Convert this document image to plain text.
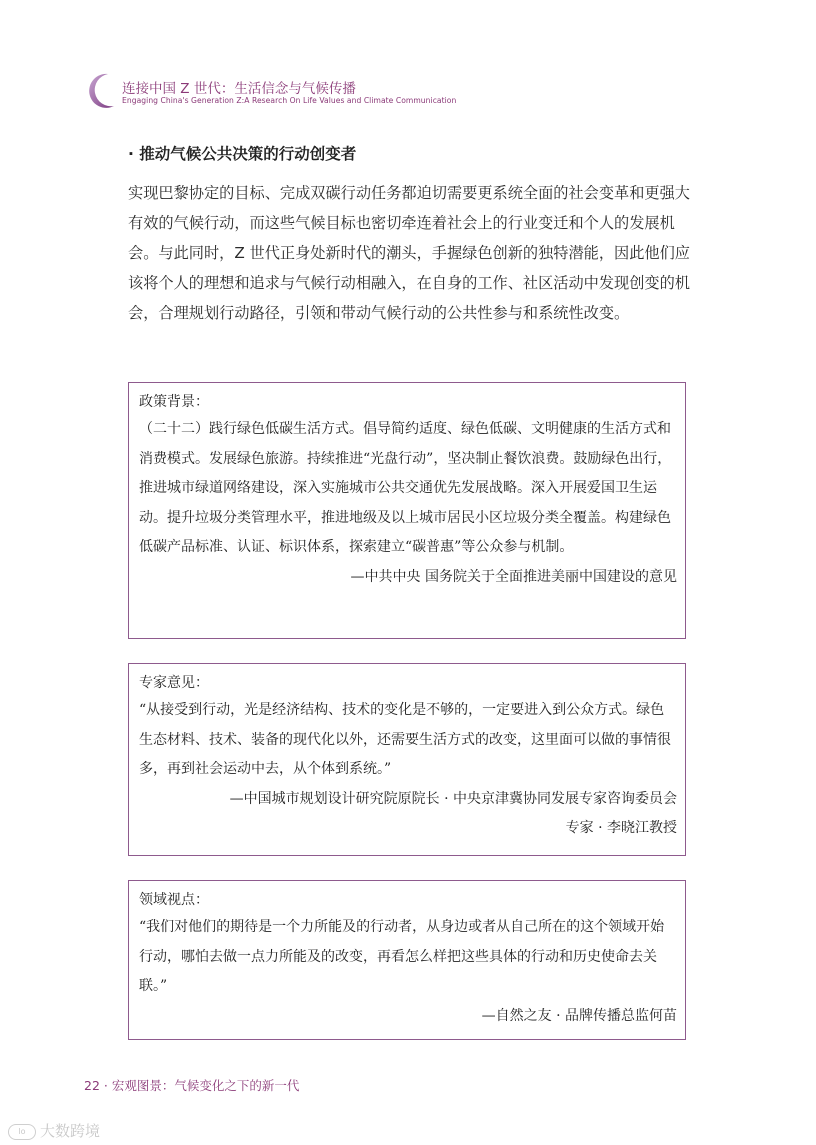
连接中国 Z 世代：生活信念与气候传播
Engaging China's Generation Z:A Research On Life Values and Climate Communication
· 推动气候公共决策的行动创变者

实现巴黎协定的目标、完成双碳行动任务都迫切需要更系统全面的社会变革和更强大有效的气候行动，而这些气候目标也密切牵连着社会上的行业变迁和个人的发展机会。与此同时，Z 世代正身处新时代的潮头，手握绿色创新的独特潜能，因此他们应该将个人的理想和追求与气候行动相融入，在自身的工作、社区活动中发现创变的机会，合理规划行动路径，引领和带动气候行动的公共性参与和系统性改变。

政策背景：

（二十二）践行绿色低碳生活方式。倡导简约适度、绿色低碳、文明健康的生活方式和消费模式。发展绿色旅游。持续推进“光盘行动”，坚决制止餐饮浪费。鼓励绿色出行，推进城市绿道网络建设，深入实施城市公共交通优先发展战略。深入开展爱国卫生运动。提升垃圾分类管理水平，推进地级及以上城市居民小区垃圾分类全覆盖。构建绿色低碳产品标准、认证、标识体系，探索建立“碳普惠”等公众参与机制。

—中共中央 国务院关于全面推进美丽中国建设的意见

专家意见：

“从接受到行动，光是经济结构、技术的变化是不够的，一定要进入到公众方式。绿色生态材料、技术、装备的现代化以外，还需要生活方式的改变，这里面可以做的事情很多，再到社会运动中去，从个体到系统。”

—中国城市规划设计研究院原院长 · 中央京津冀协同发展专家咨询委员会

专家 · 李晓江教授

领域视点：

“我们对他们的期待是一个力所能及的行动者，从身边或者从自己所在的这个领域开始行动，哪怕去做一点力所能及的改变，再看怎么样把这些具体的行动和历史使命去关联。”

—自然之友 · 品牌传播总监何苗

22 · 宏观图景：气候变化之下的新一代
lo 大数跨境
